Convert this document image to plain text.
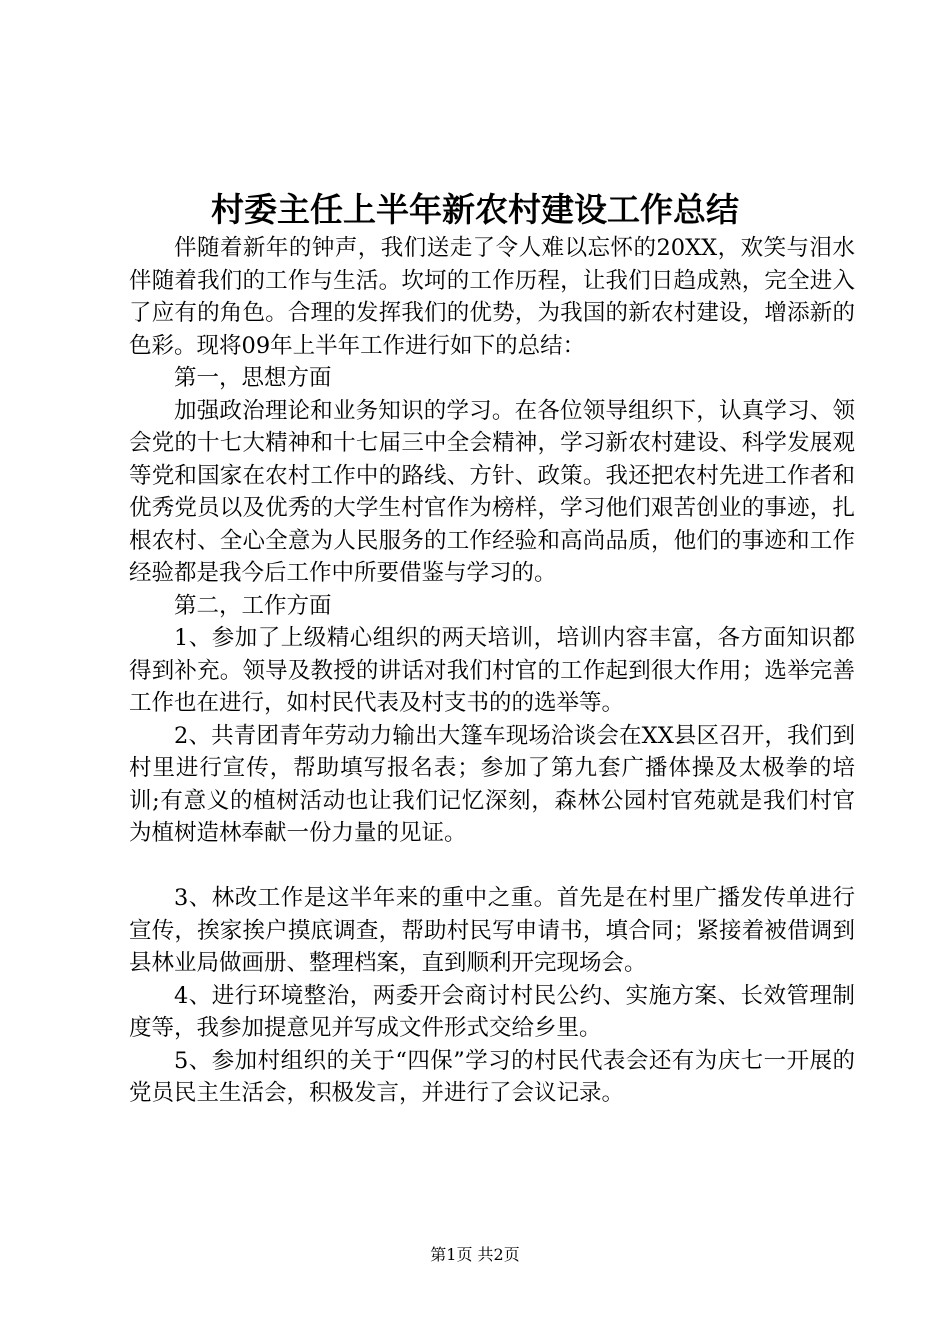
村委主任上半年新农村建设工作总结

伴随着新年的钟声，我们送走了令人难以忘怀的20XX，欢笑与泪水伴随着我们的工作与生活。坎坷的工作历程，让我们日趋成熟，完全进入了应有的角色。合理的发挥我们的优势，为我国的新农村建设，增添新的色彩。现将09年上半年工作进行如下的总结：

第一，思想方面

加强政治理论和业务知识的学习。在各位领导组织下，认真学习、领会党的十七大精神和十七届三中全会精神，学习新农村建设、科学发展观等党和国家在农村工作中的路线、方针、政策。我还把农村先进工作者和优秀党员以及优秀的大学生村官作为榜样，学习他们艰苦创业的事迹，扎根农村、全心全意为人民服务的工作经验和高尚品质，他们的事迹和工作经验都是我今后工作中所要借鉴与学习的。

第二，工作方面

1、参加了上级精心组织的两天培训，培训内容丰富，各方面知识都得到补充。领导及教授的讲话对我们村官的工作起到很大作用；选举完善工作也在进行，如村民代表及村支书的的选举等。

2、共青团青年劳动力输出大篷车现场洽谈会在XX县区召开，我们到村里进行宣传，帮助填写报名表；参加了第九套广播体操及太极拳的培训;有意义的植树活动也让我们记忆深刻，森林公园村官苑就是我们村官为植树造林奉献一份力量的见证。

3、林改工作是这半年来的重中之重。首先是在村里广播发传单进行宣传，挨家挨户摸底调查，帮助村民写申请书，填合同；紧接着被借调到县林业局做画册、整理档案，直到顺利开完现场会。

4、进行环境整治，两委开会商讨村民公约、实施方案、长效管理制度等，我参加提意见并写成文件形式交给乡里。

5、参加村组织的关于“四保”学习的村民代表会还有为庆七一开展的党员民主生活会，积极发言，并进行了会议记录。

第1页 共2页
